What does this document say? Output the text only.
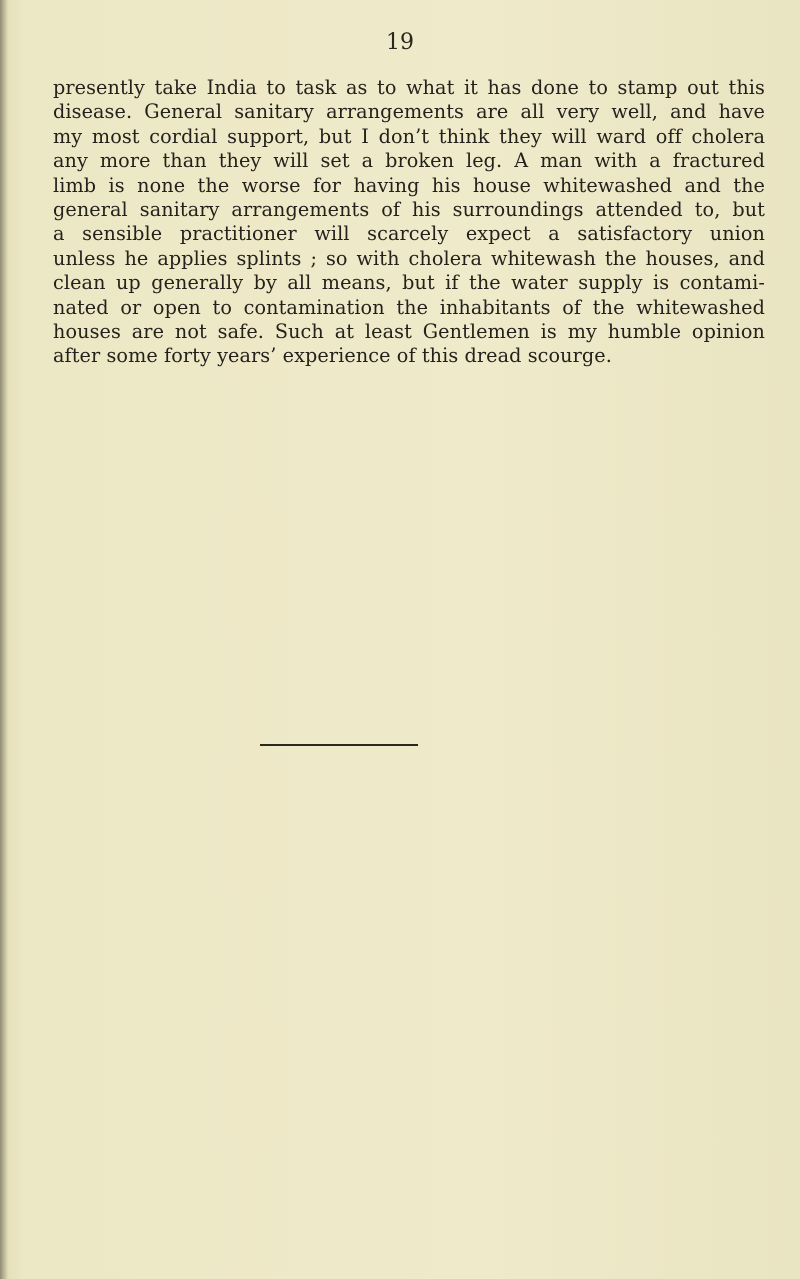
19
presently take India to task as to what it has done to stamp out this
disease. General sanitary arrangements are all very well, and have
my most cordial support, but I don’t think they will ward off cholera
any more than they will set a broken leg. A man with a fractured
limb is none the worse for having his house whitewashed and the
general sanitary arrangements of his surroundings attended to, but
a sensible practitioner will scarcely expect a satisfactory union
unless he applies splints ; so with cholera whitewash the houses, and
clean up generally by all means, but if the water supply is contami-
nated or open to contamination the inhabitants of the whitewashed
houses are not safe. Such at least Gentlemen is my humble opinion
after some forty years’ experience of this dread scourge.
